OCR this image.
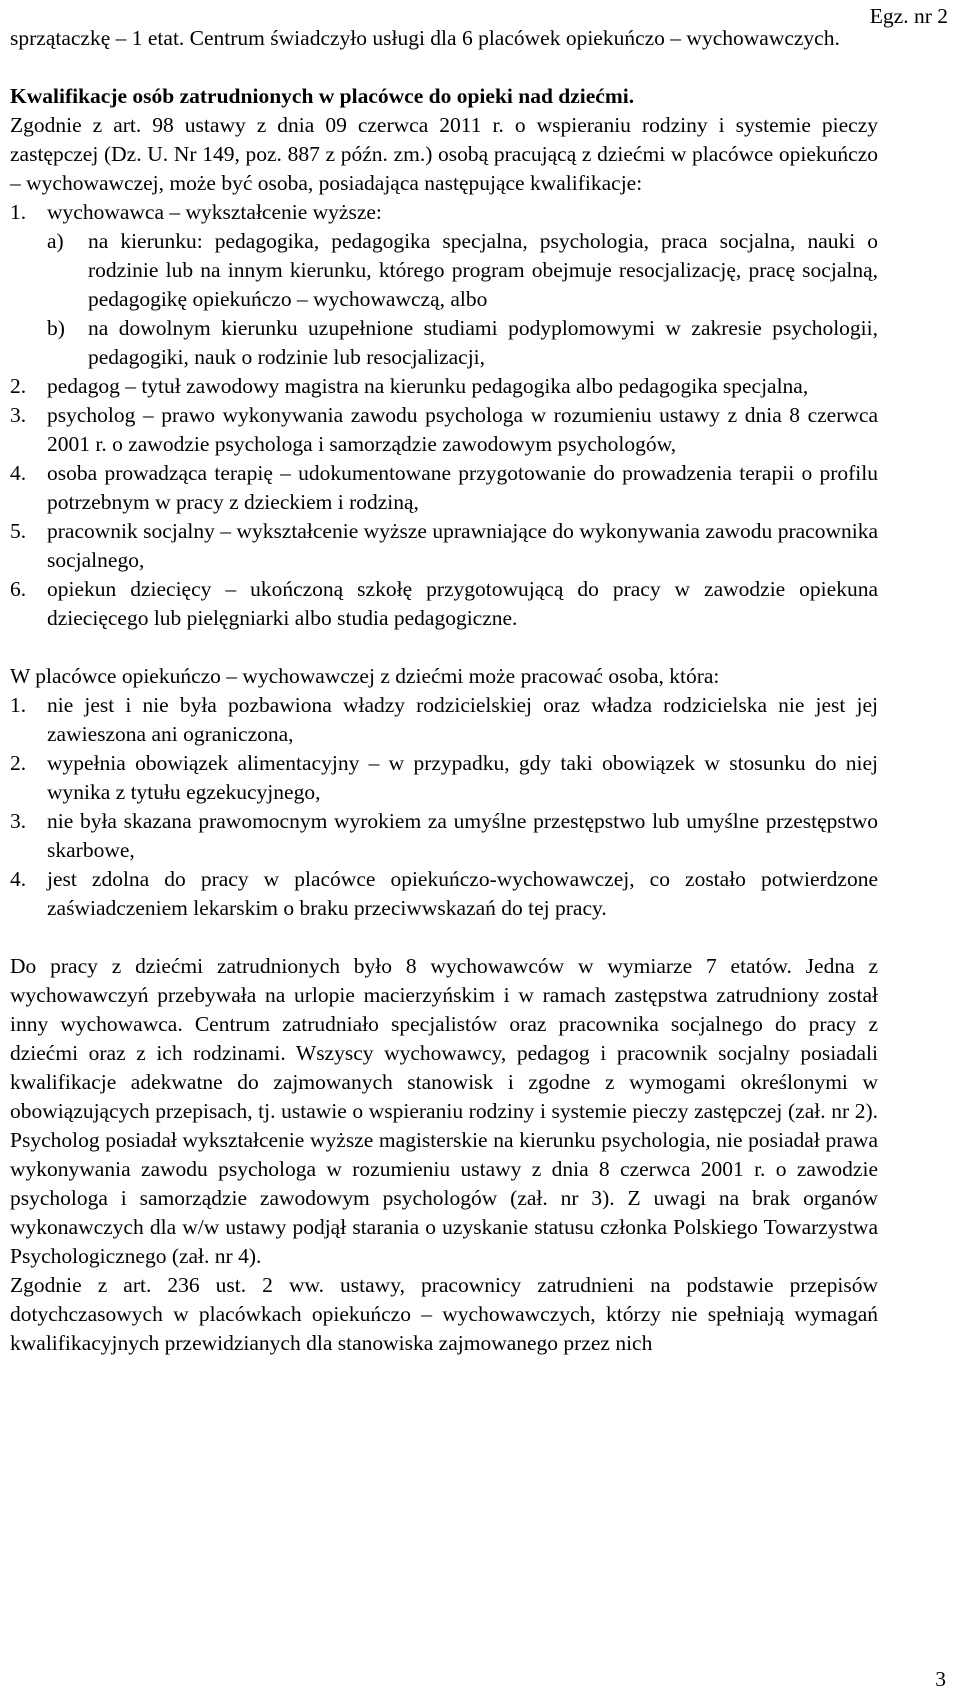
Egz. nr 2

sprzątaczkę – 1 etat. Centrum świadczyło usługi dla 6 placówek opiekuńczo – wychowawczych.

Kwalifikacje osób zatrudnionych w placówce do opieki nad dziećmi.

Zgodnie z art. 98 ustawy z dnia 09 czerwca 2011 r. o wspieraniu rodziny i systemie pieczy zastępczej (Dz. U. Nr 149, poz. 887 z późn. zm.) osobą pracującą z dziećmi w placówce opiekuńczo – wychowawczej, może być osoba, posiadająca następujące kwalifikacje:

1. wychowawca – wykształcenie wyższe:
a) na kierunku: pedagogika, pedagogika specjalna, psychologia, praca socjalna, nauki o rodzinie lub na innym kierunku, którego program obejmuje resocjalizację, pracę socjalną, pedagogikę opiekuńczo – wychowawczą, albo
b) na dowolnym kierunku uzupełnione studiami podyplomowymi w zakresie psychologii, pedagogiki, nauk o rodzinie lub resocjalizacji,
2. pedagog – tytuł zawodowy magistra na kierunku pedagogika albo pedagogika specjalna,
3. psycholog – prawo wykonywania zawodu psychologa w rozumieniu ustawy z dnia 8 czerwca 2001 r. o zawodzie psychologa i samorządzie zawodowym psychologów,
4. osoba prowadząca terapię – udokumentowane przygotowanie do prowadzenia terapii o profilu potrzebnym w pracy z dzieckiem i rodziną,
5. pracownik socjalny – wykształcenie wyższe uprawniające do wykonywania zawodu pracownika socjalnego,
6. opiekun dziecięcy – ukończoną szkołę przygotowującą do pracy w zawodzie opiekuna dziecięcego lub pielęgniarki albo studia pedagogiczne.

W placówce opiekuńczo – wychowawczej z dziećmi może pracować osoba, która:

1. nie jest i nie była pozbawiona władzy rodzicielskiej oraz władza rodzicielska nie jest jej zawieszona ani ograniczona,
2. wypełnia obowiązek alimentacyjny – w przypadku, gdy taki obowiązek w stosunku do niej wynika z tytułu egzekucyjnego,
3. nie była skazana prawomocnym wyrokiem za umyślne przestępstwo lub umyślne przestępstwo skarbowe,
4. jest zdolna do pracy w placówce opiekuńczo-wychowawczej, co zostało potwierdzone zaświadczeniem lekarskim o braku przeciwwskazań do tej pracy.

Do pracy z dziećmi zatrudnionych było 8 wychowawców w wymiarze 7 etatów. Jedna z wychowawczyń przebywała na urlopie macierzyńskim i w ramach zastępstwa zatrudniony został inny wychowawca. Centrum zatrudniało specjalistów oraz pracownika socjalnego do pracy z dziećmi oraz z ich rodzinami. Wszyscy wychowawcy, pedagog i pracownik socjalny posiadali kwalifikacje adekwatne do zajmowanych stanowisk i zgodne z wymogami określonymi w obowiązujących przepisach, tj. ustawie o wspieraniu rodziny i systemie pieczy zastępczej (zał. nr 2). Psycholog posiadał wykształcenie wyższe magisterskie na kierunku psychologia, nie posiadał prawa wykonywania zawodu psychologa w rozumieniu ustawy z dnia 8 czerwca 2001 r. o zawodzie psychologa i samorządzie zawodowym psychologów (zał. nr 3). Z uwagi na brak organów wykonawczych dla w/w ustawy podjął starania o uzyskanie statusu członka Polskiego Towarzystwa Psychologicznego (zał. nr 4).

Zgodnie z art. 236 ust. 2 ww. ustawy, pracownicy zatrudnieni na podstawie przepisów dotychczasowych w placówkach opiekuńczo – wychowawczych, którzy nie spełniają wymagań kwalifikacyjnych przewidzianych dla stanowiska zajmowanego przez nich

3
